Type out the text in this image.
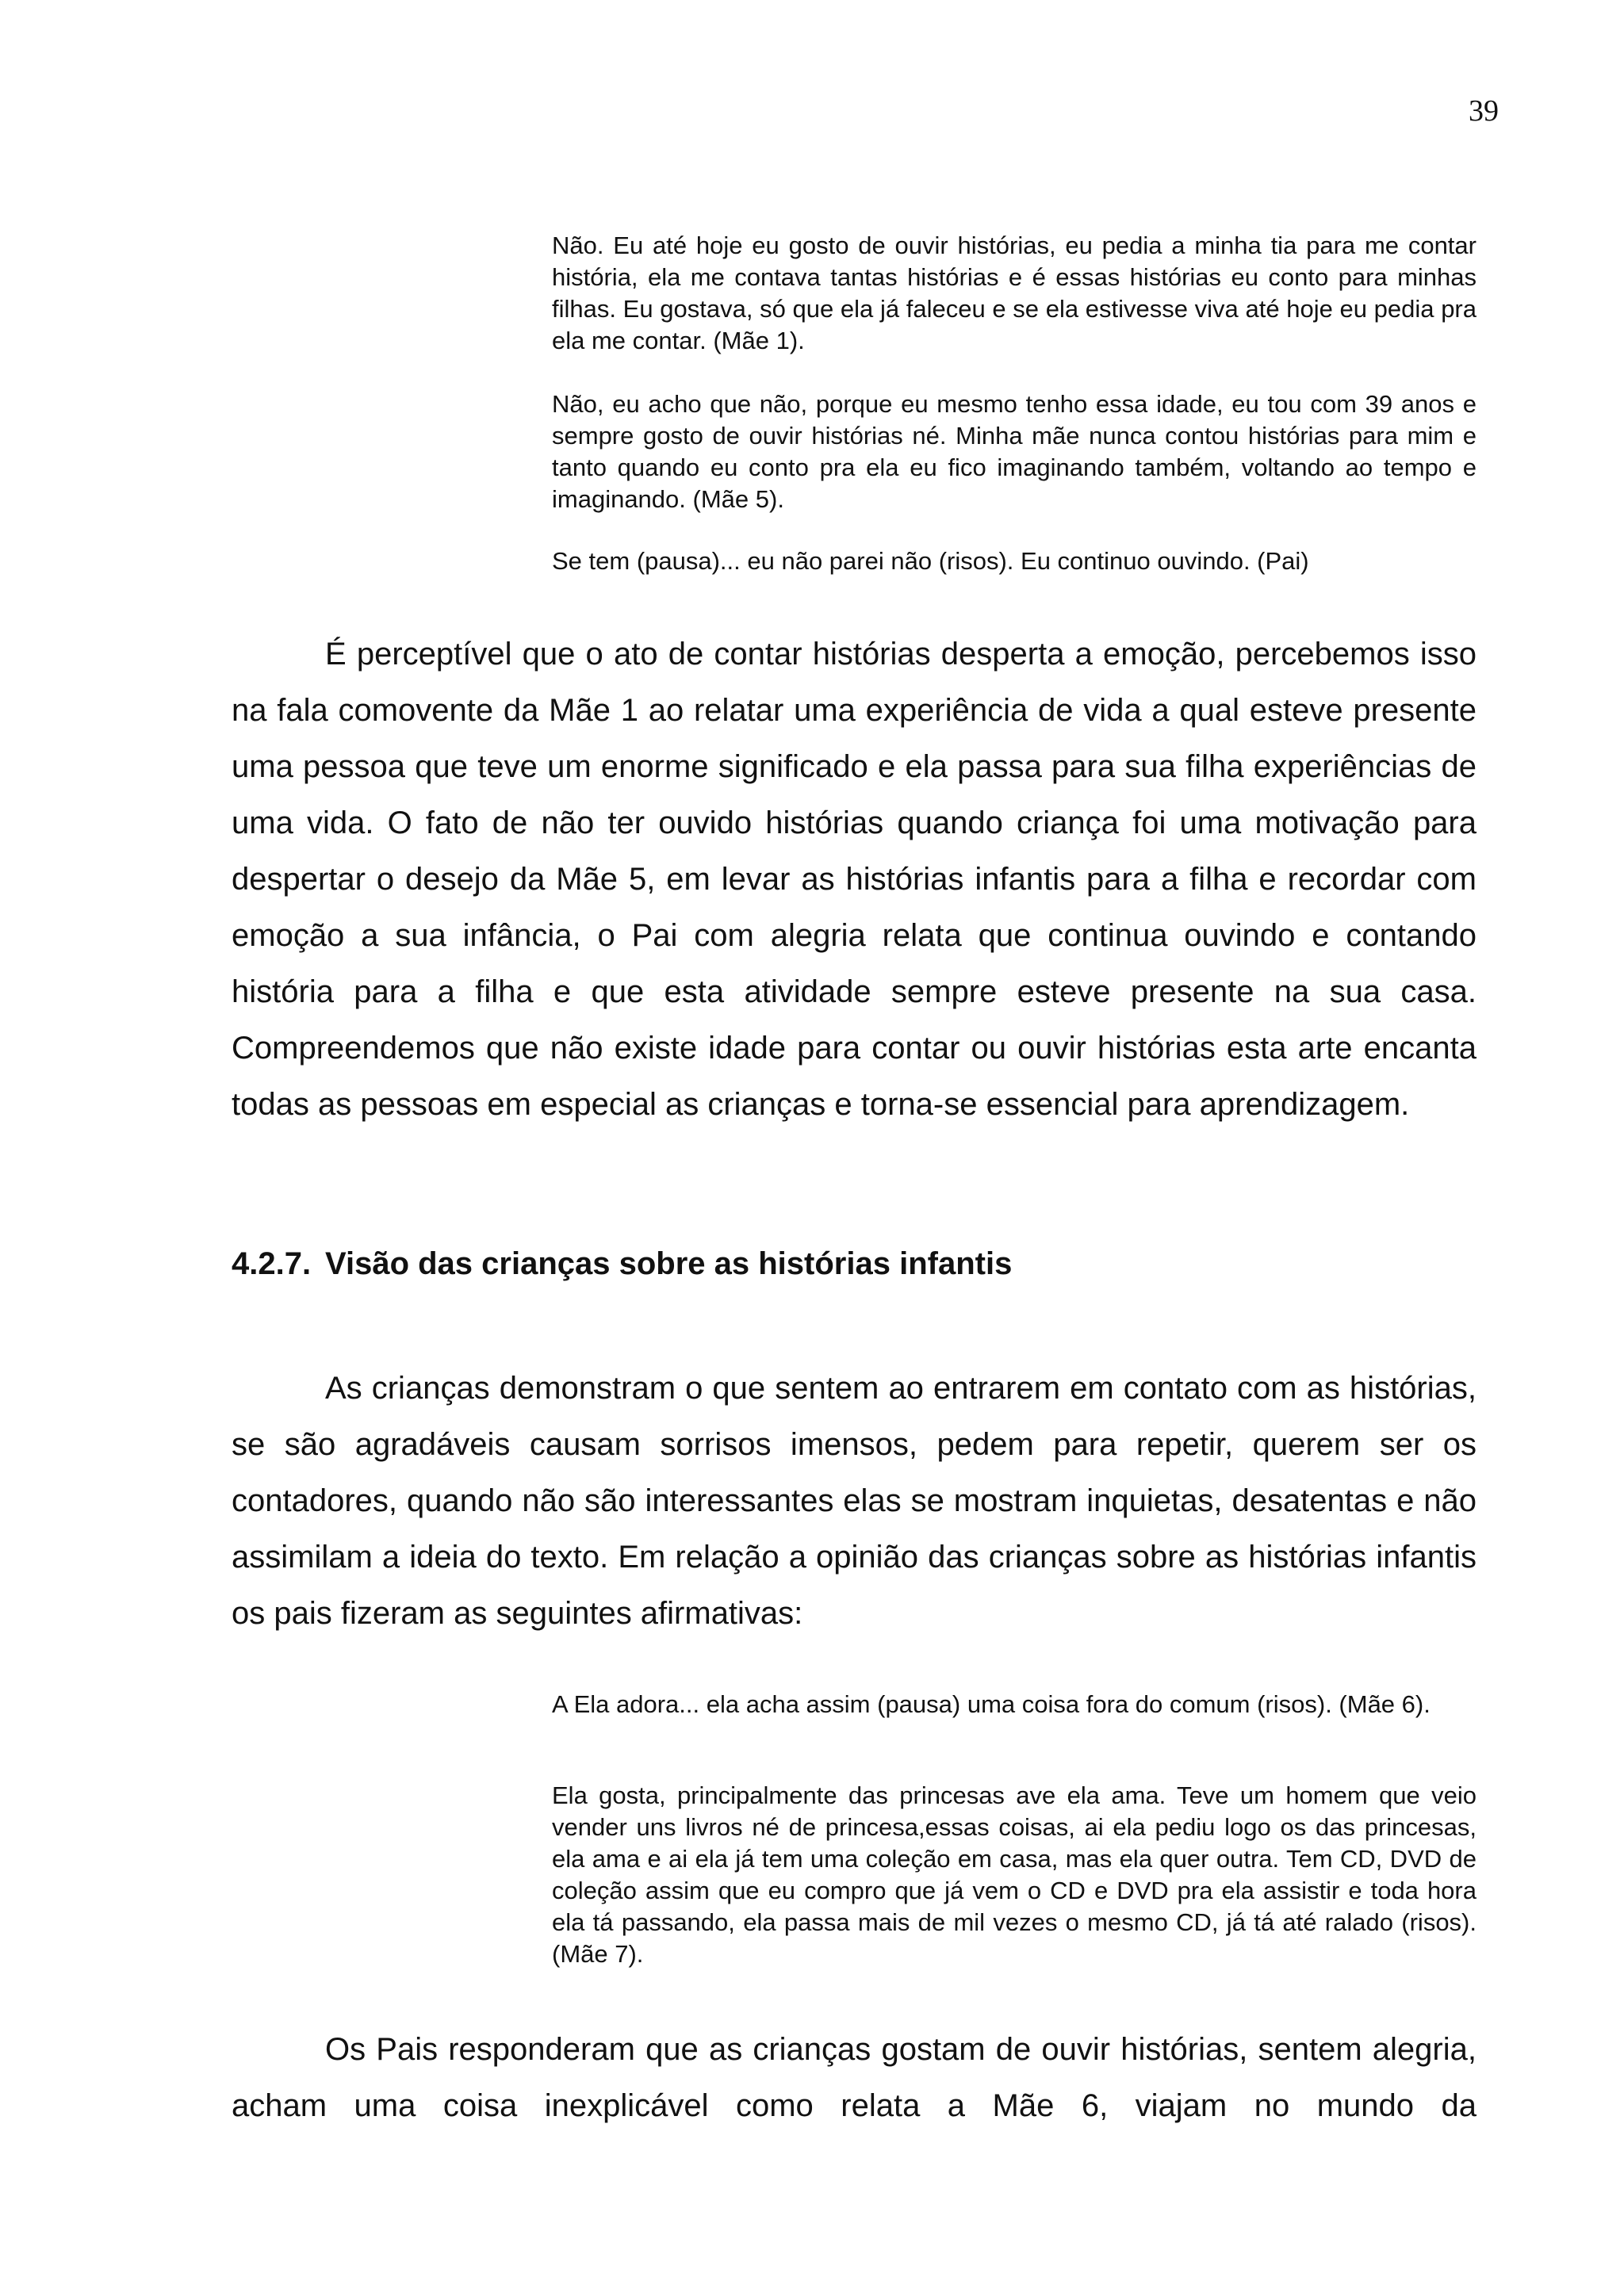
39

Não. Eu até hoje eu gosto de ouvir histórias, eu pedia a minha tia para me contar história, ela me contava tantas histórias e é essas histórias eu conto para minhas filhas. Eu gostava, só que ela já faleceu e se ela estivesse viva até hoje eu pedia pra ela me contar. (Mãe 1).

Não, eu acho que não, porque eu mesmo tenho essa idade, eu tou com 39 anos e sempre gosto de ouvir histórias né. Minha mãe nunca contou histórias para mim e tanto quando eu conto pra ela eu fico imaginando também, voltando ao tempo e imaginando. (Mãe 5).

Se tem (pausa)... eu não parei não (risos). Eu continuo ouvindo. (Pai)

É perceptível que o ato de contar histórias desperta a emoção, percebemos isso na fala comovente da Mãe 1 ao relatar uma experiência de vida a qual esteve presente uma pessoa que teve um enorme significado e ela passa para sua filha experiências de uma vida. O fato de não ter ouvido histórias quando criança foi uma motivação para despertar o desejo da Mãe 5, em levar as histórias infantis para a filha e recordar com emoção a sua infância, o Pai com alegria relata que continua ouvindo e contando história para a filha e que esta atividade sempre esteve presente na sua casa. Compreendemos que não existe idade para contar ou ouvir histórias esta arte encanta todas as pessoas em especial as crianças e torna-se essencial para aprendizagem.

4.2.7. Visão das crianças sobre as histórias infantis

As crianças demonstram o que sentem ao entrarem em contato com as histórias, se são agradáveis causam sorrisos imensos, pedem para repetir, querem ser os contadores, quando não são interessantes elas se mostram inquietas, desatentas e não assimilam a ideia do texto. Em relação a opinião das crianças sobre as histórias infantis os pais fizeram as seguintes afirmativas:

A Ela adora... ela acha assim (pausa) uma coisa fora do comum (risos). (Mãe 6).

Ela gosta, principalmente das princesas ave ela ama. Teve um homem que veio vender uns livros né de princesa,essas coisas, ai ela pediu logo os das princesas, ela ama e ai ela já tem uma coleção em casa, mas ela quer outra. Tem CD, DVD de coleção assim que eu compro que já vem o CD e DVD pra ela assistir e toda hora ela tá passando, ela passa mais de mil vezes o mesmo CD, já tá até ralado (risos). (Mãe 7).

Os Pais responderam que as crianças gostam de ouvir histórias, sentem alegria, acham uma coisa inexplicável como relata a Mãe 6, viajam no mundo da
